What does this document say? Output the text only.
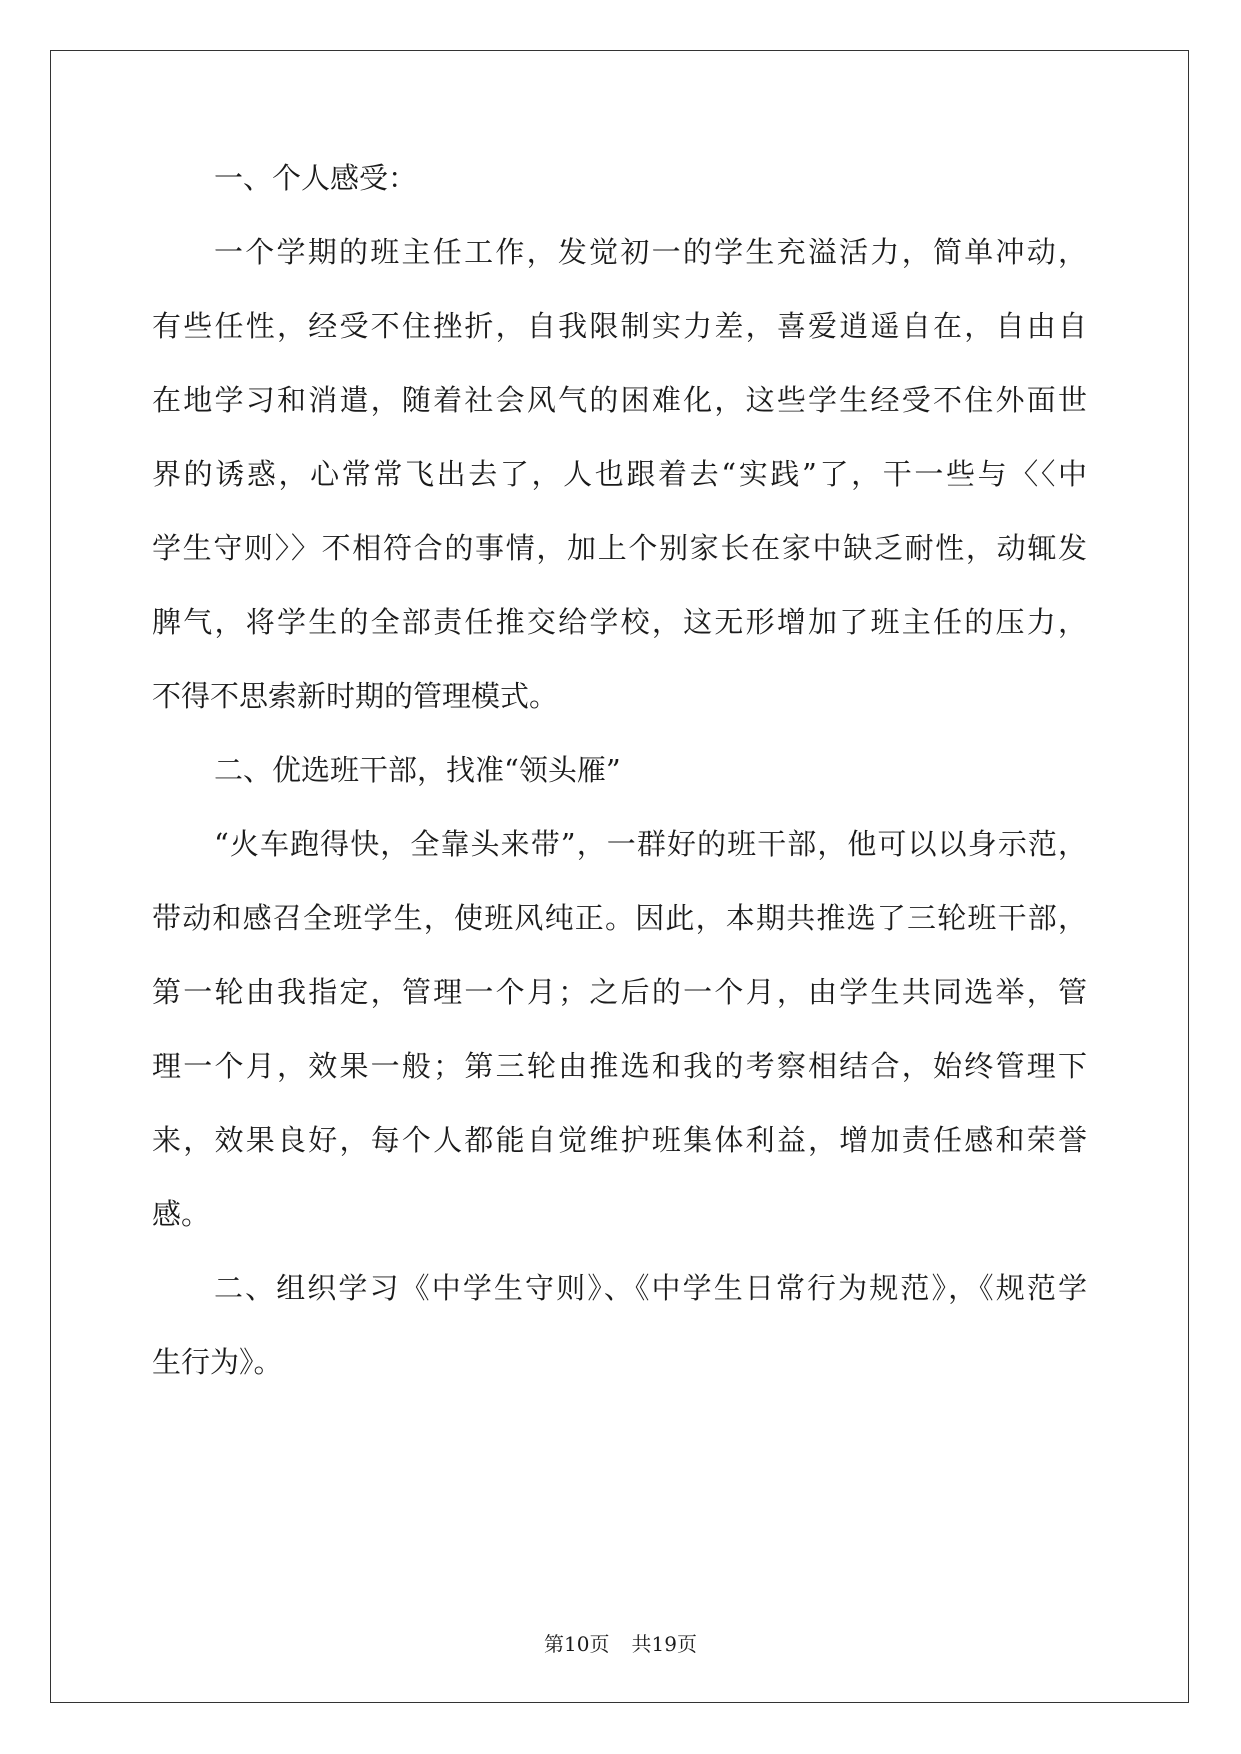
一、个人感受：
一个学期的班主任工作，发觉初一的学生充溢活力，简单冲动，
有些任性，经受不住挫折，自我限制实力差，喜爱逍遥自在，自由自
在地学习和消遣，随着社会风气的困难化，这些学生经受不住外面世
界的诱惑，心常常飞出去了，人也跟着去“实践”了，干一些与〈〈中
学生守则〉〉不相符合的事情，加上个别家长在家中缺乏耐性，动辄发
脾气，将学生的全部责任推交给学校，这无形增加了班主任的压力，
不得不思索新时期的管理模式。
二、优选班干部，找准“领头雁”
“火车跑得快，全靠头来带”，一群好的班干部，他可以以身示范，
带动和感召全班学生，使班风纯正。因此，本期共推选了三轮班干部，
第一轮由我指定，管理一个月；之后的一个月，由学生共同选举，管
理一个月，效果一般；第三轮由推选和我的考察相结合，始终管理下
来，效果良好，每个人都能自觉维护班集体利益，增加责任感和荣誉
感。
二、组织学习《中学生守则》、《中学生日常行为规范》，《规范学
生行为》。
第10页 共19页
